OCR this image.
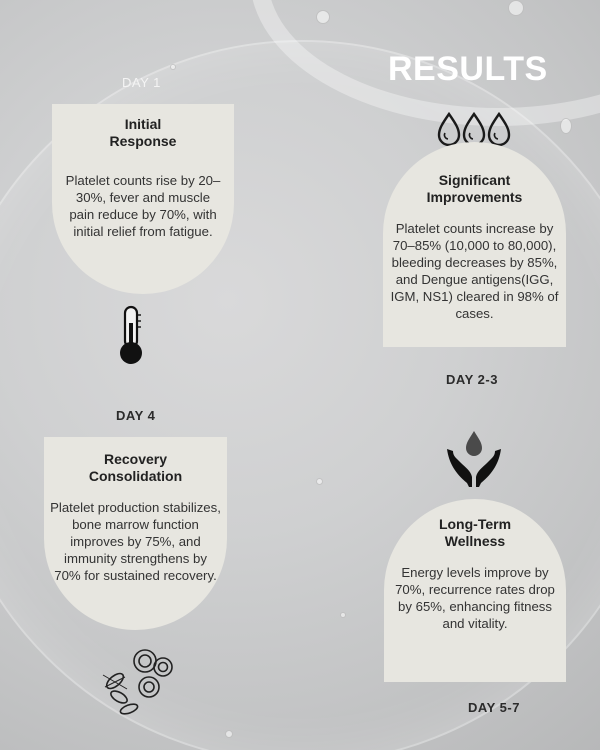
RESULTS
DAY 1
Initial
Response

Platelet counts rise by 20–30%, fever and muscle pain reduce by 70%, with initial relief from fatigue.

Significant
Improvements

Platelet counts increase by 70–85% (10,000 to 80,000), bleeding decreases by 85%, and Dengue antigens(IGG, IGM, NS1) cleared in 98% of cases.

DAY 2-3
DAY 4
Recovery
Consolidation

Platelet production stabilizes, bone marrow function improves by 75%, and immunity strengthens by 70% for sustained recovery.

Long-Term
Wellness

Energy levels improve by 70%, recurrence rates drop by 65%, enhancing fitness and vitality.

DAY 5-7
